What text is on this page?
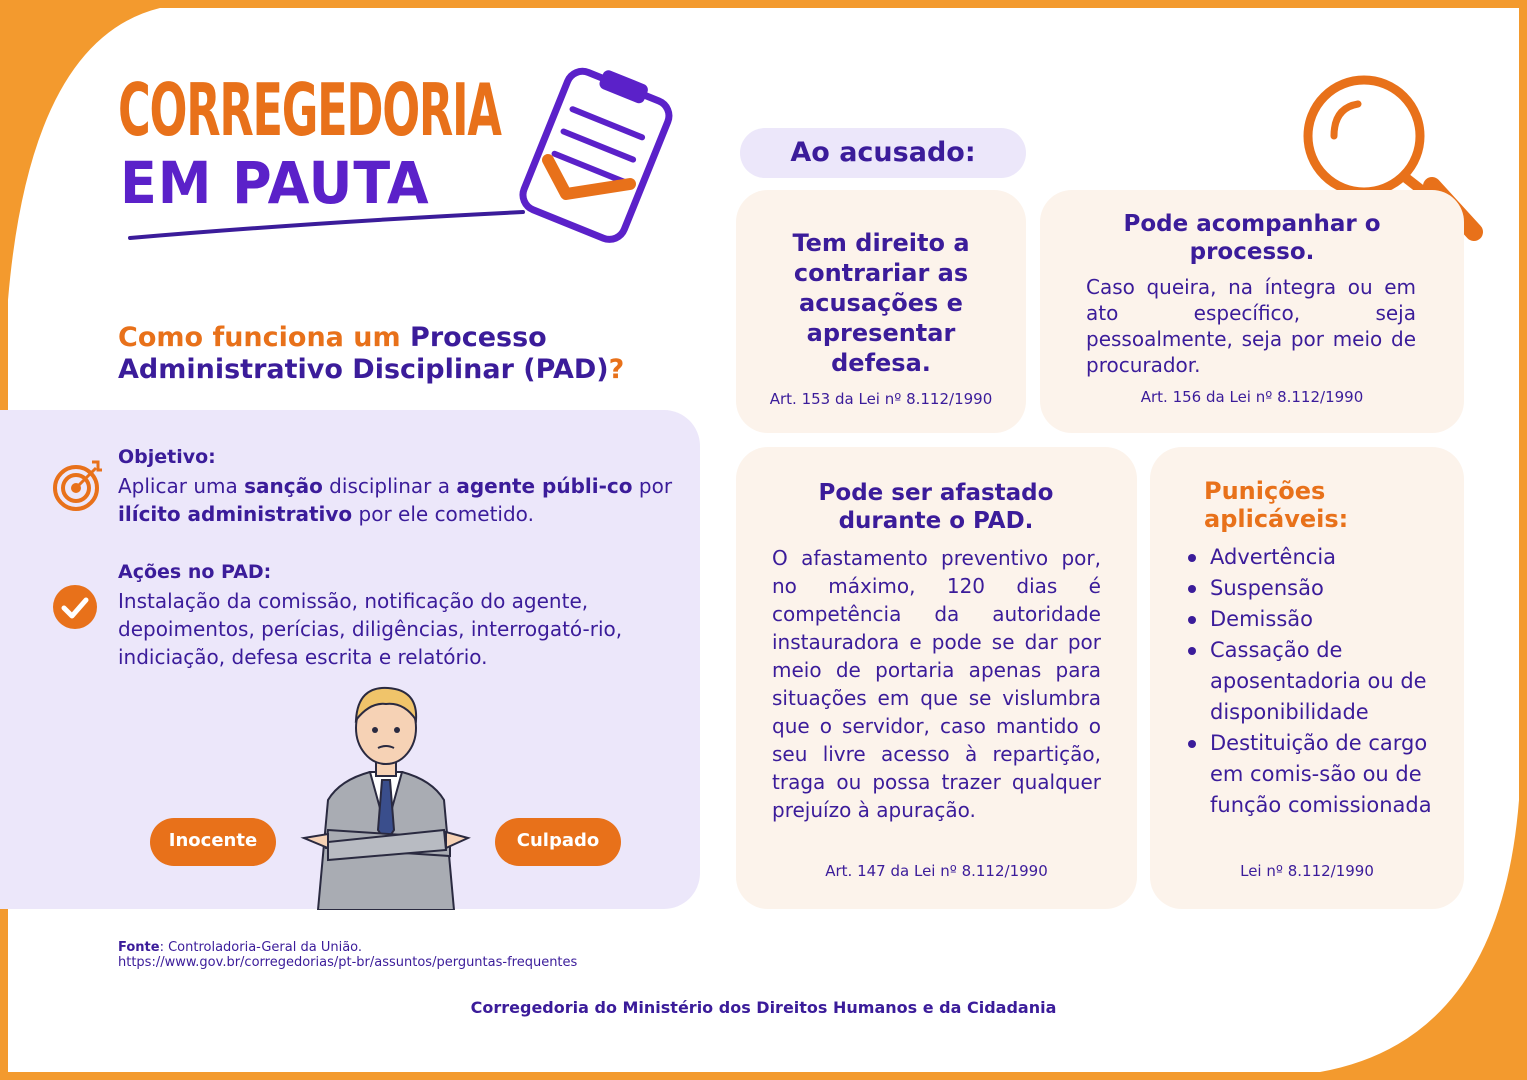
CORREGEDORIA
EM PAUTA
Como funciona um Processo Administrativo Disciplinar (PAD)?
Objetivo:
Aplicar uma sanção disciplinar a agente públi-co por ilícito administrativo por ele cometido.
Ações no PAD:
Instalação da comissão, notificação do agente, depoimentos, perícias, diligências, interrogató-rio, indiciação, defesa escrita e relatório.
Inocente	Culpado
Ao acusado:
Tem direito a contrariar as acusações e apresentar defesa.
Art. 153 da Lei nº 8.112/1990
Pode acompanhar o processo.
Caso queira, na íntegra ou em ato específico, seja pessoalmente, seja por meio de procurador.
Art. 156 da Lei nº 8.112/1990
Pode ser afastado durante o PAD.
O afastamento preventivo por, no máximo, 120 dias é competência da autoridade instauradora e pode se dar por meio de portaria apenas para situações em que se vislumbra que o servidor, caso mantido o seu livre acesso à repartição, traga ou possa trazer qualquer prejuízo à apuração.
Art. 147 da Lei nº 8.112/1990
Punições aplicáveis:
Advertência
Suspensão
Demissão
Cassação de aposentadoria ou de disponibilidade
Destituição de cargo em comis-são ou de função comissionada
Lei nº 8.112/1990
Fonte: Controladoria-Geral da União.
https://www.gov.br/corregedorias/pt-br/assuntos/perguntas-frequentes
Corregedoria do Ministério dos Direitos Humanos e da Cidadania
